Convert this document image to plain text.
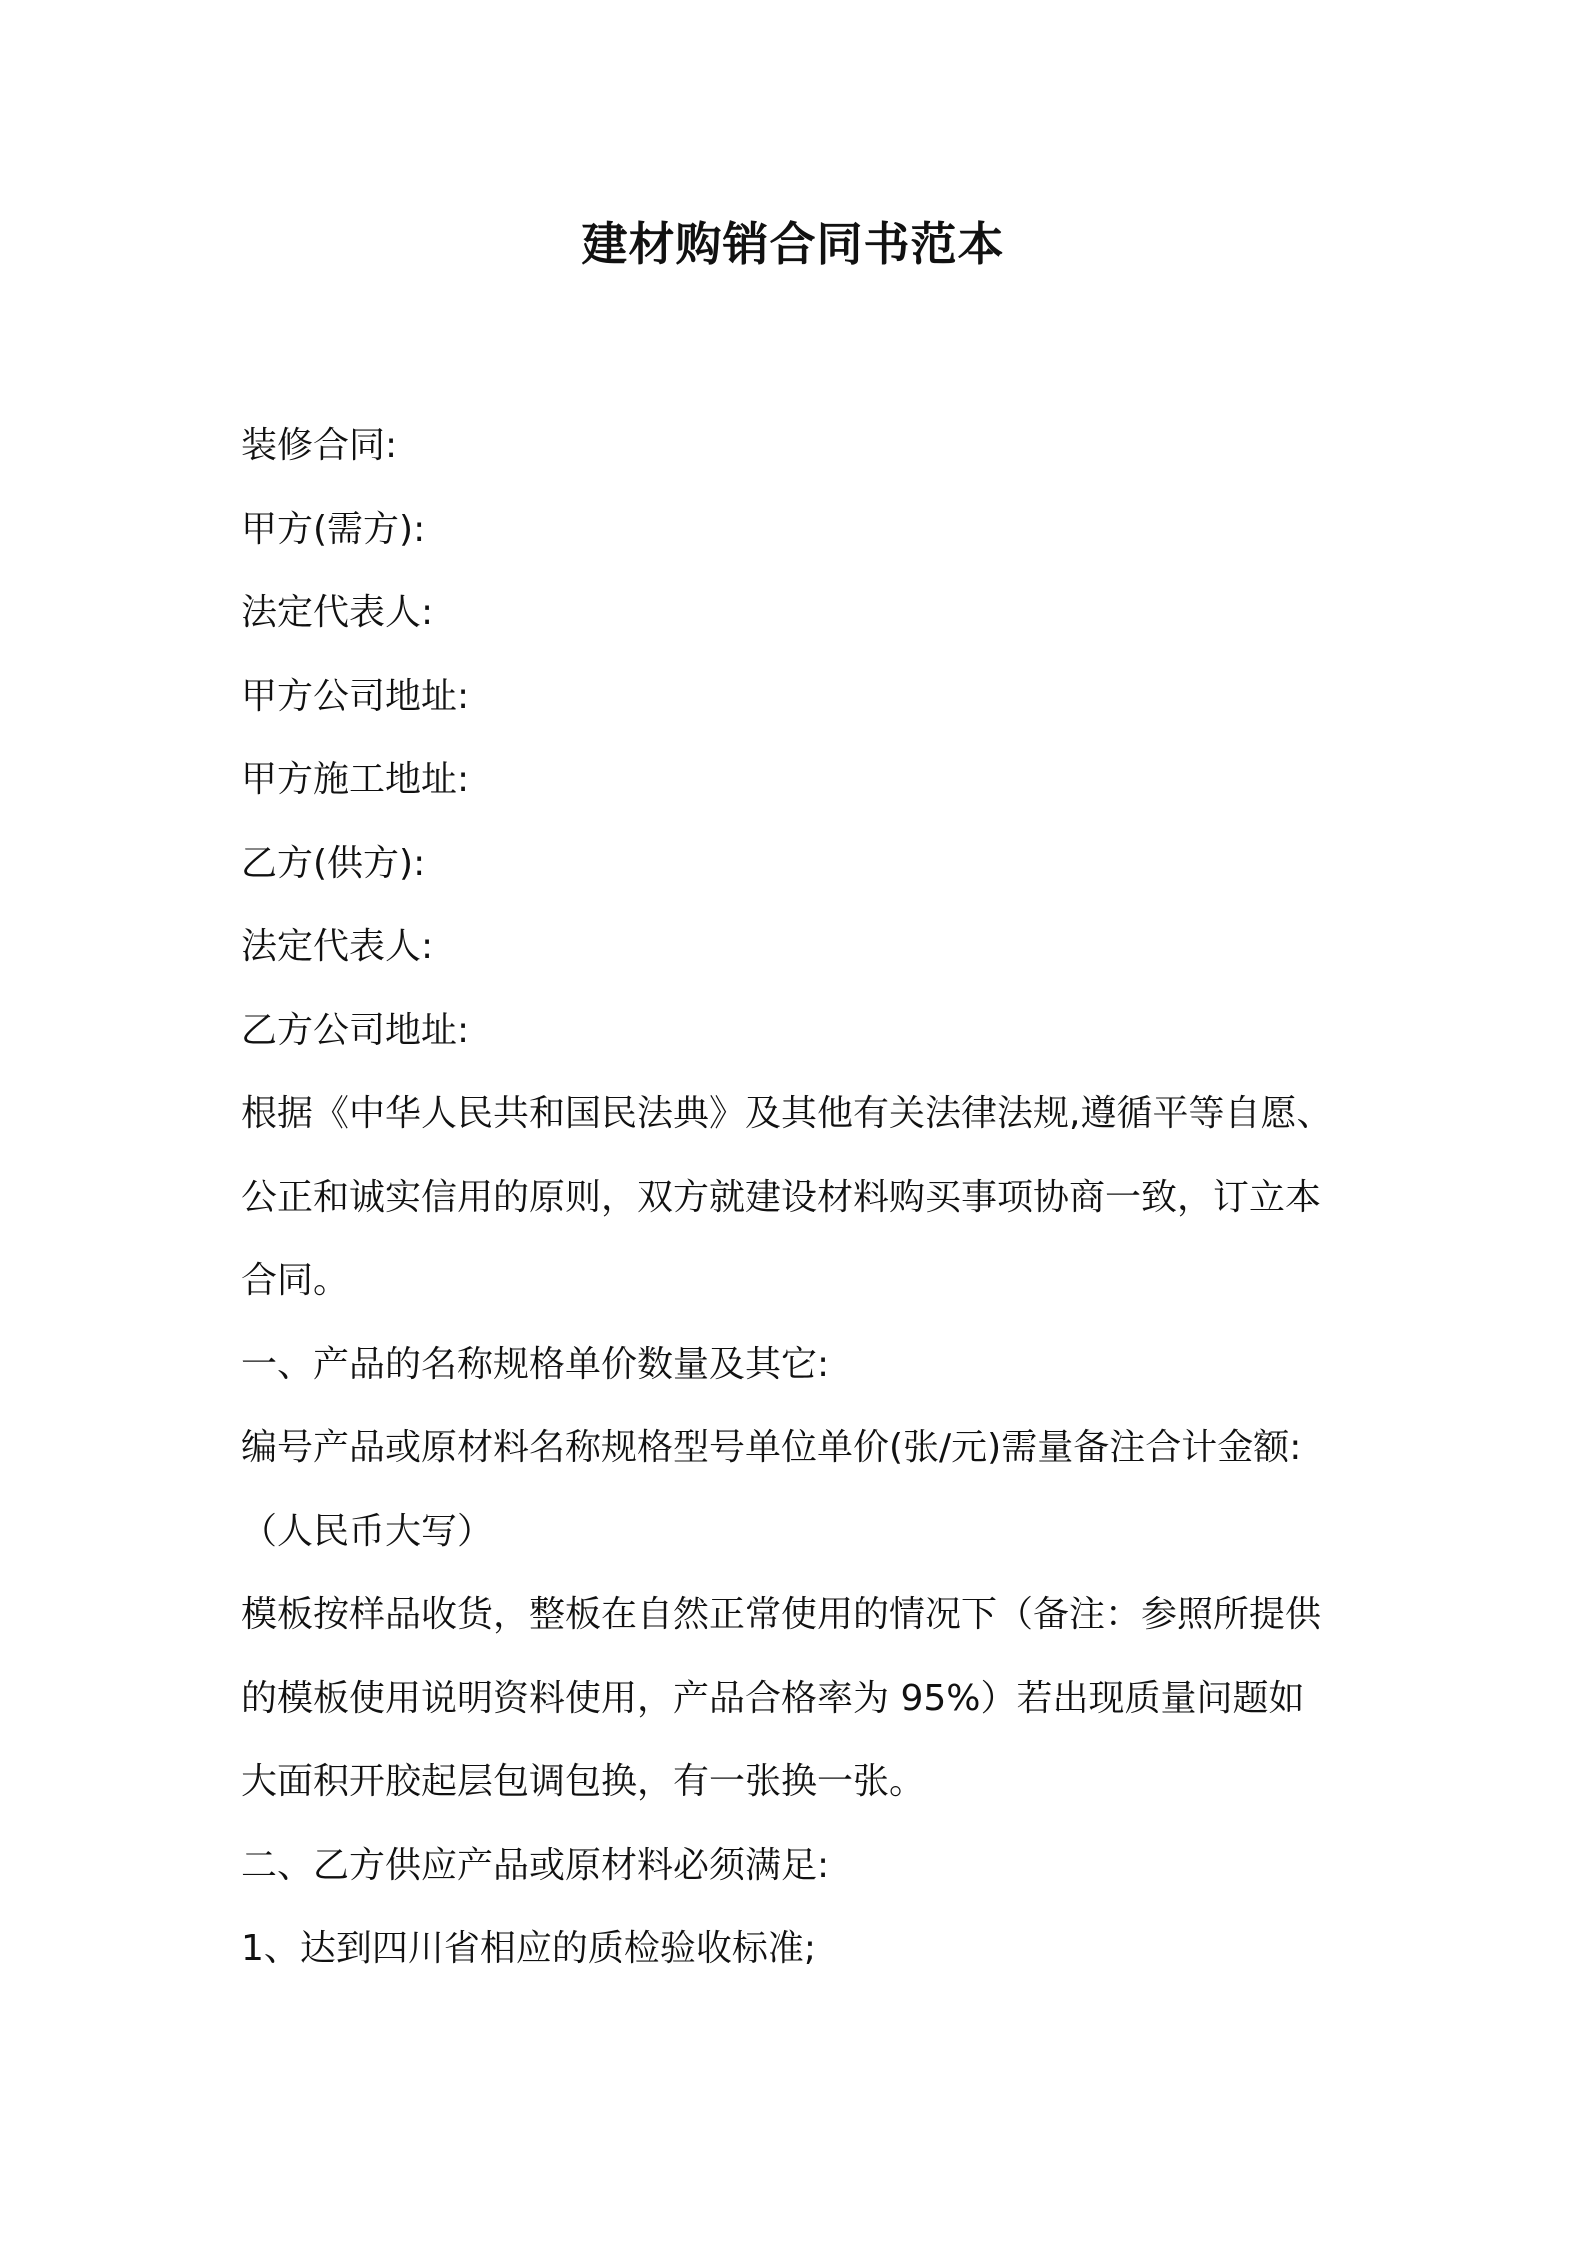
建材购销合同书范本
装修合同:
甲方(需方):
法定代表人:
甲方公司地址:
甲方施工地址:
乙方(供方):
法定代表人:
乙方公司地址:
根据《中华人民共和国民法典》及其他有关法律法规,遵循平等自愿、
公正和诚实信用的原则，双方就建设材料购买事项协商一致，订立本
合同。
一、产品的名称规格单价数量及其它:
编号产品或原材料名称规格型号单位单价(张/元)需量备注合计金额:
（人民币大写）
模板按样品收货，整板在自然正常使用的情况下（备注：参照所提供
的模板使用说明资料使用，产品合格率为 95%）若出现质量问题如
大面积开胶起层包调包换，有一张换一张。
二、乙方供应产品或原材料必须满足:
1、达到四川省相应的质检验收标准;
